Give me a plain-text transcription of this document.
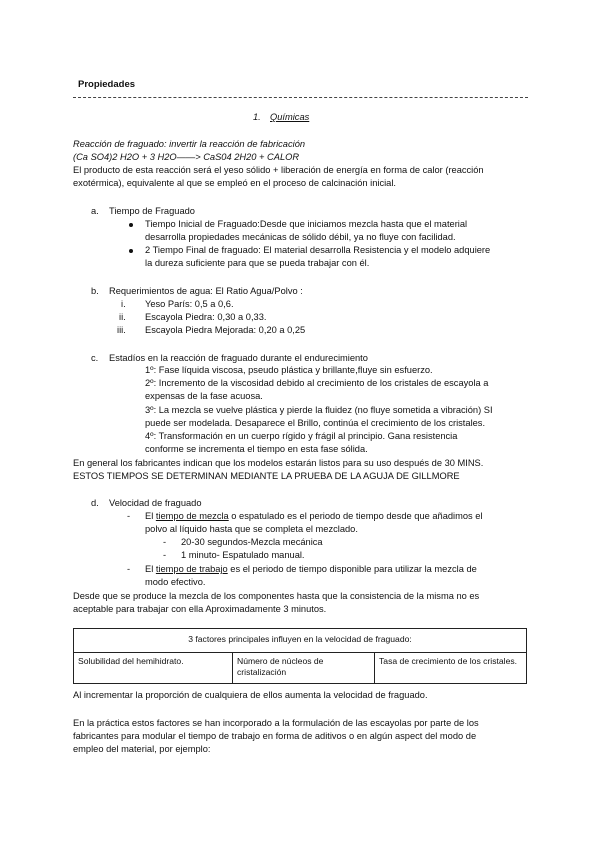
Propiedades
1. Químicas
Reacción de fraguado: invertir la reacción de fabricación
(Ca SO4)2 H2O + 3 H2O——> CaS04 2H20 + CALOR
El producto de esta reacción será el yeso sólido + liberación de energía en forma de calor (reacción
exotérmica), equivalente al que se empleó en el proceso de calcinación inicial.
a. Tiempo de Fraguado
Tiempo Inicial de Fraguado:Desde que iniciamos mezcla hasta que el material
desarrolla propiedades mecánicas de sólido débil, ya no fluye con facilidad.
2 Tiempo Final de fraguado: El material desarrolla Resistencia y el modelo adquiere
la dureza suficiente para que se pueda trabajar con él.
b. Requerimientos de agua: El Ratio Agua/Polvo :
i. Yeso París: 0,5 a 0,6.
ii. Escayola Piedra: 0,30 a 0,33.
iii. Escayola Piedra Mejorada: 0,20 a 0,25
c. Estadíos en la reacción de fraguado durante el endurecimiento
1º: Fase líquida viscosa, pseudo plástica y brillante,fluye sin esfuerzo.
2º: Incremento de la viscosidad debido al crecimiento de los cristales de escayola a
expensas de la fase acuosa.
3º: La mezcla se vuelve plástica y pierde la fluidez (no fluye sometida a vibración) SI
puede ser modelada. Desaparece el Brillo, continúa el crecimiento de los cristales.
4º: Transformación en un cuerpo rígido y frágil al principio. Gana resistencia
conforme se incrementa el tiempo en esta fase sólida.
En general los fabricantes indican que los modelos estarán listos para su uso después de 30 MINS.
ESTOS TIEMPOS SE DETERMINAN MEDIANTE LA PRUEBA DE LA AGUJA DE GILLMORE
d. Velocidad de fraguado
- El tiempo de mezcla o espatulado es el periodo de tiempo desde que añadimos el
polvo al líquido hasta que se completa el mezclado.
- 20-30 segundos-Mezcla mecánica
- 1 minuto- Espatulado manual.
- El tiempo de trabajo es el periodo de tiempo disponible para utilizar la mezcla de
modo efectivo.
Desde que se produce la mezcla de los componentes hasta que la consistencia de la misma no es
aceptable para trabajar con ella Aproximadamente 3 minutos.
3 factores principales influyen en la velocidad de fraguado:
Solubilidad del hemihidrato.	Número de núcleos de cristalización	Tasa de crecimiento de los cristales.
Al incrementar la proporción de cualquiera de ellos aumenta la velocidad de fraguado.
En la práctica estos factores se han incorporado a la formulación de las escayolas por parte de los
fabricantes para modular el tiempo de trabajo en forma de aditivos o en algún aspect del modo de
empleo del material, por ejemplo:
